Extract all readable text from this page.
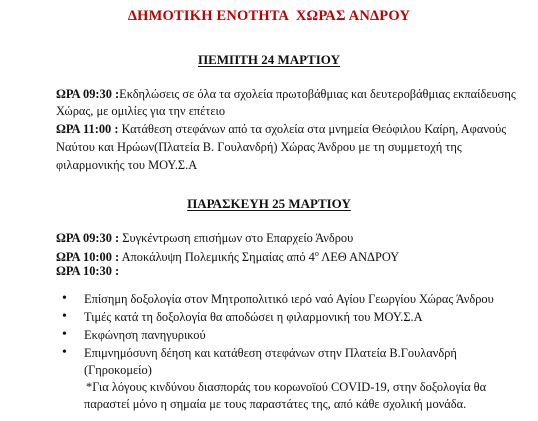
ΔΗΜΟΤΙΚΗ ΕΝΟΤΗΤΑ  ΧΩΡΑΣ ΑΝΔΡΟΥ
ΠΕΜΠΤΗ 24 ΜΑΡΤΙΟΥ
ΩΡΑ 09:30 :Εκδηλώσεις σε όλα τα σχολεία πρωτοβάθμιας και δευτεροβάθμιας εκπαίδευσης
Χώρας, με ομιλίες για την επέτειο
ΩΡΑ 11:00 : Κατάθεση στεφάνων από τα σχολεία στα μνημεία Θεόφιλου Καίρη, Αφανούς
Ναύτου και Ηρώων(Πλατεία Β. Γουλανδρή) Χώρας Άνδρου με τη συμμετοχή της
φιλαρμονικής του ΜΟΥ.Σ.Α
ΠΑΡΑΣΚΕΥΗ 25 ΜΑΡΤΙΟΥ
ΩΡΑ 09:30 : Συγκέντρωση επισήμων στο Επαρχείο Άνδρου
ΩΡΑ 10:00 : Αποκάλυψη Πολεμικής Σημαίας από $4^o$ ΛΕΘ ΑΝΔΡΟΥ
ΩΡΑ 10:30 :
• Επίσημη δοξολογία στον Μητροπολιτικό ιερό ναό Αγίου Γεωργίου Χώρας Άνδρου
• Τιμές κατά τη δοξολογία θα αποδώσει η φιλαρμονική του ΜΟΥ.Σ.Α
• Εκφώνηση πανηγυρικού
• Επιμνημόσυνη δέηση και κατάθεση στεφάνων στην Πλατεία Β.Γουλανδρή
(Γηροκομείο)
*Για λόγους κινδύνου διασποράς του κορωνοϊού COVID-19, στην δοξολογία θα
παραστεί μόνο η σημαία με τους παραστάτες της, από κάθε σχολική μονάδα.
